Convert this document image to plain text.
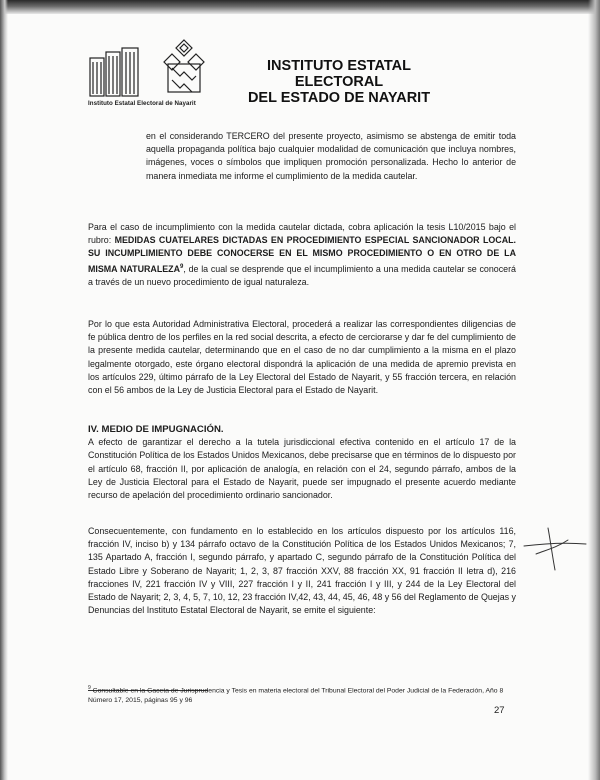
Instituto Estatal Electoral de Nayarit
INSTITUTO ESTATAL ELECTORAL
DEL ESTADO DE NAYARIT

en el considerando TERCERO del presente proyecto, asimismo se abstenga de emitir toda aquella propaganda política bajo cualquier modalidad de comunicación que incluya nombres, imágenes, voces o símbolos que impliquen promoción personalizada. Hecho lo anterior de manera inmediata me informe el cumplimiento de la medida cautelar.

Para el caso de incumplimiento con la medida cautelar dictada, cobra aplicación la tesis L10/2015 bajo el rubro: MEDIDAS CUATELARES DICTADAS EN PROCEDIMIENTO ESPECIAL SANCIONADOR LOCAL. SU INCUMPLIMIENTO DEBE CONOCERSE EN EL MISMO PROCEDIMIENTO O EN OTRO DE LA MISMA NATURALEZA$^9$, de la cual se desprende que el incumplimiento a una medida cautelar se conocerá a través de un nuevo procedimiento de igual naturaleza.

Por lo que esta Autoridad Administrativa Electoral, procederá a realizar las correspondientes diligencias de fe pública dentro de los perfiles en la red social descrita, a efecto de cerciorarse y dar fe del cumplimiento de la presente medida cautelar, determinando que en el caso de no dar cumplimiento a la misma en el plazo legalmente otorgado, este órgano electoral dispondrá la aplicación de una medida de apremio prevista en los artículos 229, último párrafo de la Ley Electoral del Estado de Nayarit, y 55 fracción tercera, en relación con el 56 ambos de la Ley de Justicia Electoral para el Estado de Nayarit.

IV. MEDIO DE IMPUGNACIÓN.

A efecto de garantizar el derecho a la tutela jurisdiccional efectiva contenido en el artículo 17 de la Constitución Política de los Estados Unidos Mexicanos, debe precisarse que en términos de lo dispuesto por el artículo 68, fracción II, por aplicación de analogía, en relación con el 24, segundo párrafo, ambos de la Ley de Justicia Electoral para el Estado de Nayarit, puede ser impugnado el presente acuerdo mediante recurso de apelación del procedimiento ordinario sancionador.

Consecuentemente, con fundamento en lo establecido en los artículos dispuesto por los artículos 116, fracción IV, inciso b) y 134 párrafo octavo de la Constitución Política de los Estados Unidos Mexicanos; 7, 135 Apartado A, fracción I, segundo párrafo, y apartado C, segundo párrafo de la Constitución Política del Estado Libre y Soberano de Nayarit; 1, 2, 3, 87 fracción XXV, 88 fracción XX, 91 fracción II letra d), 216 fracciones IV, 221 fracción IV y VIII, 227 fracción I y II, 241 fracción I y III, y 244 de la Ley Electoral del Estado de Nayarit; 2, 3, 4, 5, 7, 10, 12, 23 fracción IV,42, 43, 44, 45, 46, 48 y 56 del Reglamento de Quejas y Denuncias del Instituto Estatal Electoral de Nayarit, se emite el siguiente:

$^9$ Consultable en la Gaceta de Jurisprudencia y Tesis en materia electoral del Tribunal Electoral del Poder Judicial de la Federación, Año 8 Número 17, 2015, páginas 95 y 96
27
